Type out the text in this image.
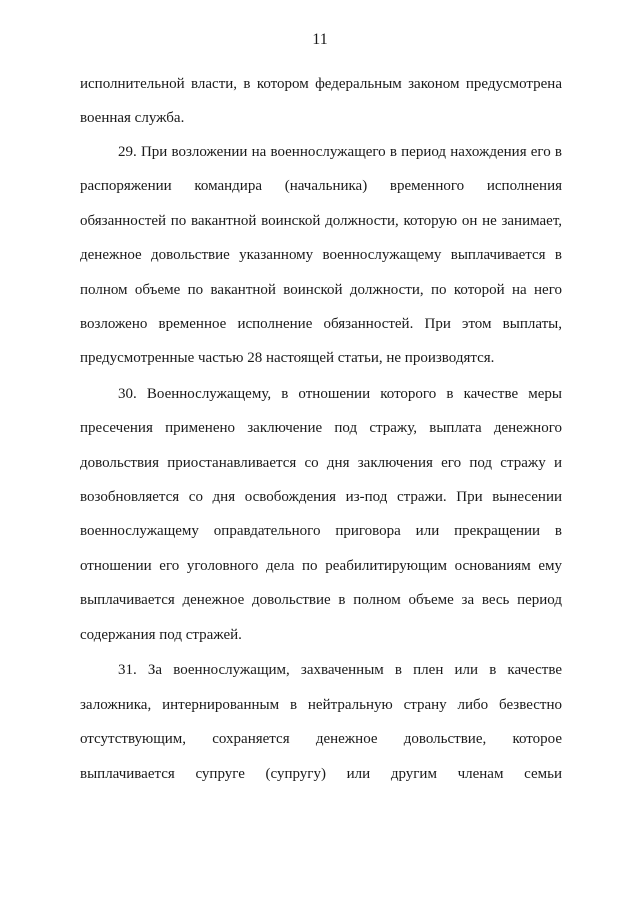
11
исполнительной власти, в котором федеральным законом предусмотрена
военная служба.
29. При возложении на военнослужащего в период нахождения его в
распоряжении командира (начальника) временного исполнения
обязанностей по вакантной воинской должности, которую он не занимает,
денежное довольствие указанному военнослужащему выплачивается в
полном объеме по вакантной воинской должности, по которой на него
возложено временное исполнение обязанностей. При этом выплаты,
предусмотренные частью 28 настоящей статьи, не производятся.
30. Военнослужащему, в отношении которого в качестве меры
пресечения применено заключение под стражу, выплата денежного
довольствия приостанавливается со дня заключения его под стражу и
возобновляется со дня освобождения из-под стражи. При вынесении
военнослужащему оправдательного приговора или прекращении в
отношении его уголовного дела по реабилитирующим основаниям ему
выплачивается денежное довольствие в полном объеме за весь период
содержания под стражей.
31. За военнослужащим, захваченным в плен или в качестве
заложника, интернированным в нейтральную страну либо безвестно
отсутствующим, сохраняется денежное довольствие, которое
выплачивается супруге (супругу) или другим членам семьи
